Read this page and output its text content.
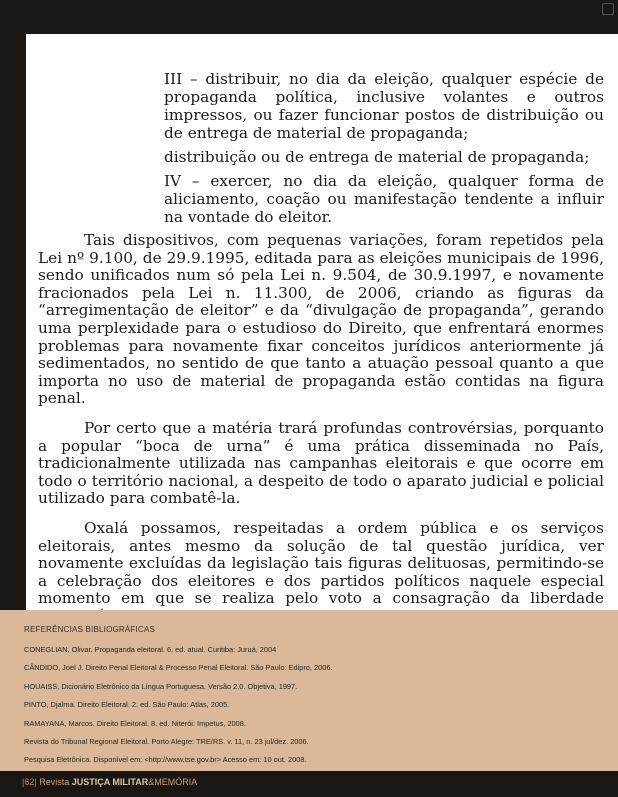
III – distribuir, no dia da eleição, qualquer espécie de propaganda política, inclusive volantes e outros impressos, ou fazer funcionar postos de distribuição ou de entrega de material de propaganda;

distribuição ou de entrega de material de propaganda;

IV – exercer, no dia da eleição, qualquer forma de aliciamento, coação ou manifestação tendente a influir na vontade do eleitor.

Tais dispositivos, com pequenas variações, foram repetidos pela Lei nº 9.100, de 29.9.1995, editada para as eleições municipais de 1996, sendo unificados num só pela Lei n. 9.504, de 30.9.1997, e novamente fracionados pela Lei n. 11.300, de 2006, criando as figuras da “arregimentação de eleitor” e da “divulgação de propaganda”, gerando uma perplexidade para o estudioso do Direito, que enfrentará enormes problemas para novamente fixar conceitos jurídicos anteriormente já sedimentados, no sentido de que tanto a atuação pessoal quanto a que importa no uso de material de propaganda estão contidas na figura penal.

Por certo que a matéria trará profundas controvérsias, porquanto a popular “boca de urna” é uma prática disseminada no País, tradicionalmente utilizada nas campanhas eleitorais e que ocorre em todo o território nacional, a despeito de todo o aparato judicial e policial utilizado para combatê-la.

Oxalá possamos, respeitadas a ordem pública e os serviços eleitorais, antes mesmo da solução de tal questão jurídica, ver novamente excluídas da legislação tais figuras delituosas, permitindo-se a celebração dos eleitores e dos partidos políticos naquele especial momento em que se realiza pelo voto a consagração da liberdade

REFERÊNCIAS BIBLIOGRÁFICAS

CONEGLIAN, Olivar. Propaganda eleitoral. 6. ed. atual. Curitiba: Juruá, 2004

CÂNDIDO, Joel J. Direito Penal Eleitoral & Processo Penal Eleitoral. São Paulo: Edipro, 2006.

HOUAISS, Dicionário Eletrônico da Língua Portuguesa. Versão 2.0. Objetiva, 1997.

PINTO, Djalma. Direito Eleitoral. 2. ed. São Paulo: Atlas, 2005.

RAMAYANA, Marcos. Direito Eleitoral. 8. ed. Niterói: Impetus, 2008.

Revista do Tribunal Regional Eleitoral. Porto Alegre: TRE/RS. v. 11, n. 23 jul/dez. 2006.

Pesquisa Eletrônica. Disponível em: <http://www.tse.gov.br> Acesso em: 10 out. 2008.

|62| Revista JUSTIÇA MILITAR&MEMÓRIA
